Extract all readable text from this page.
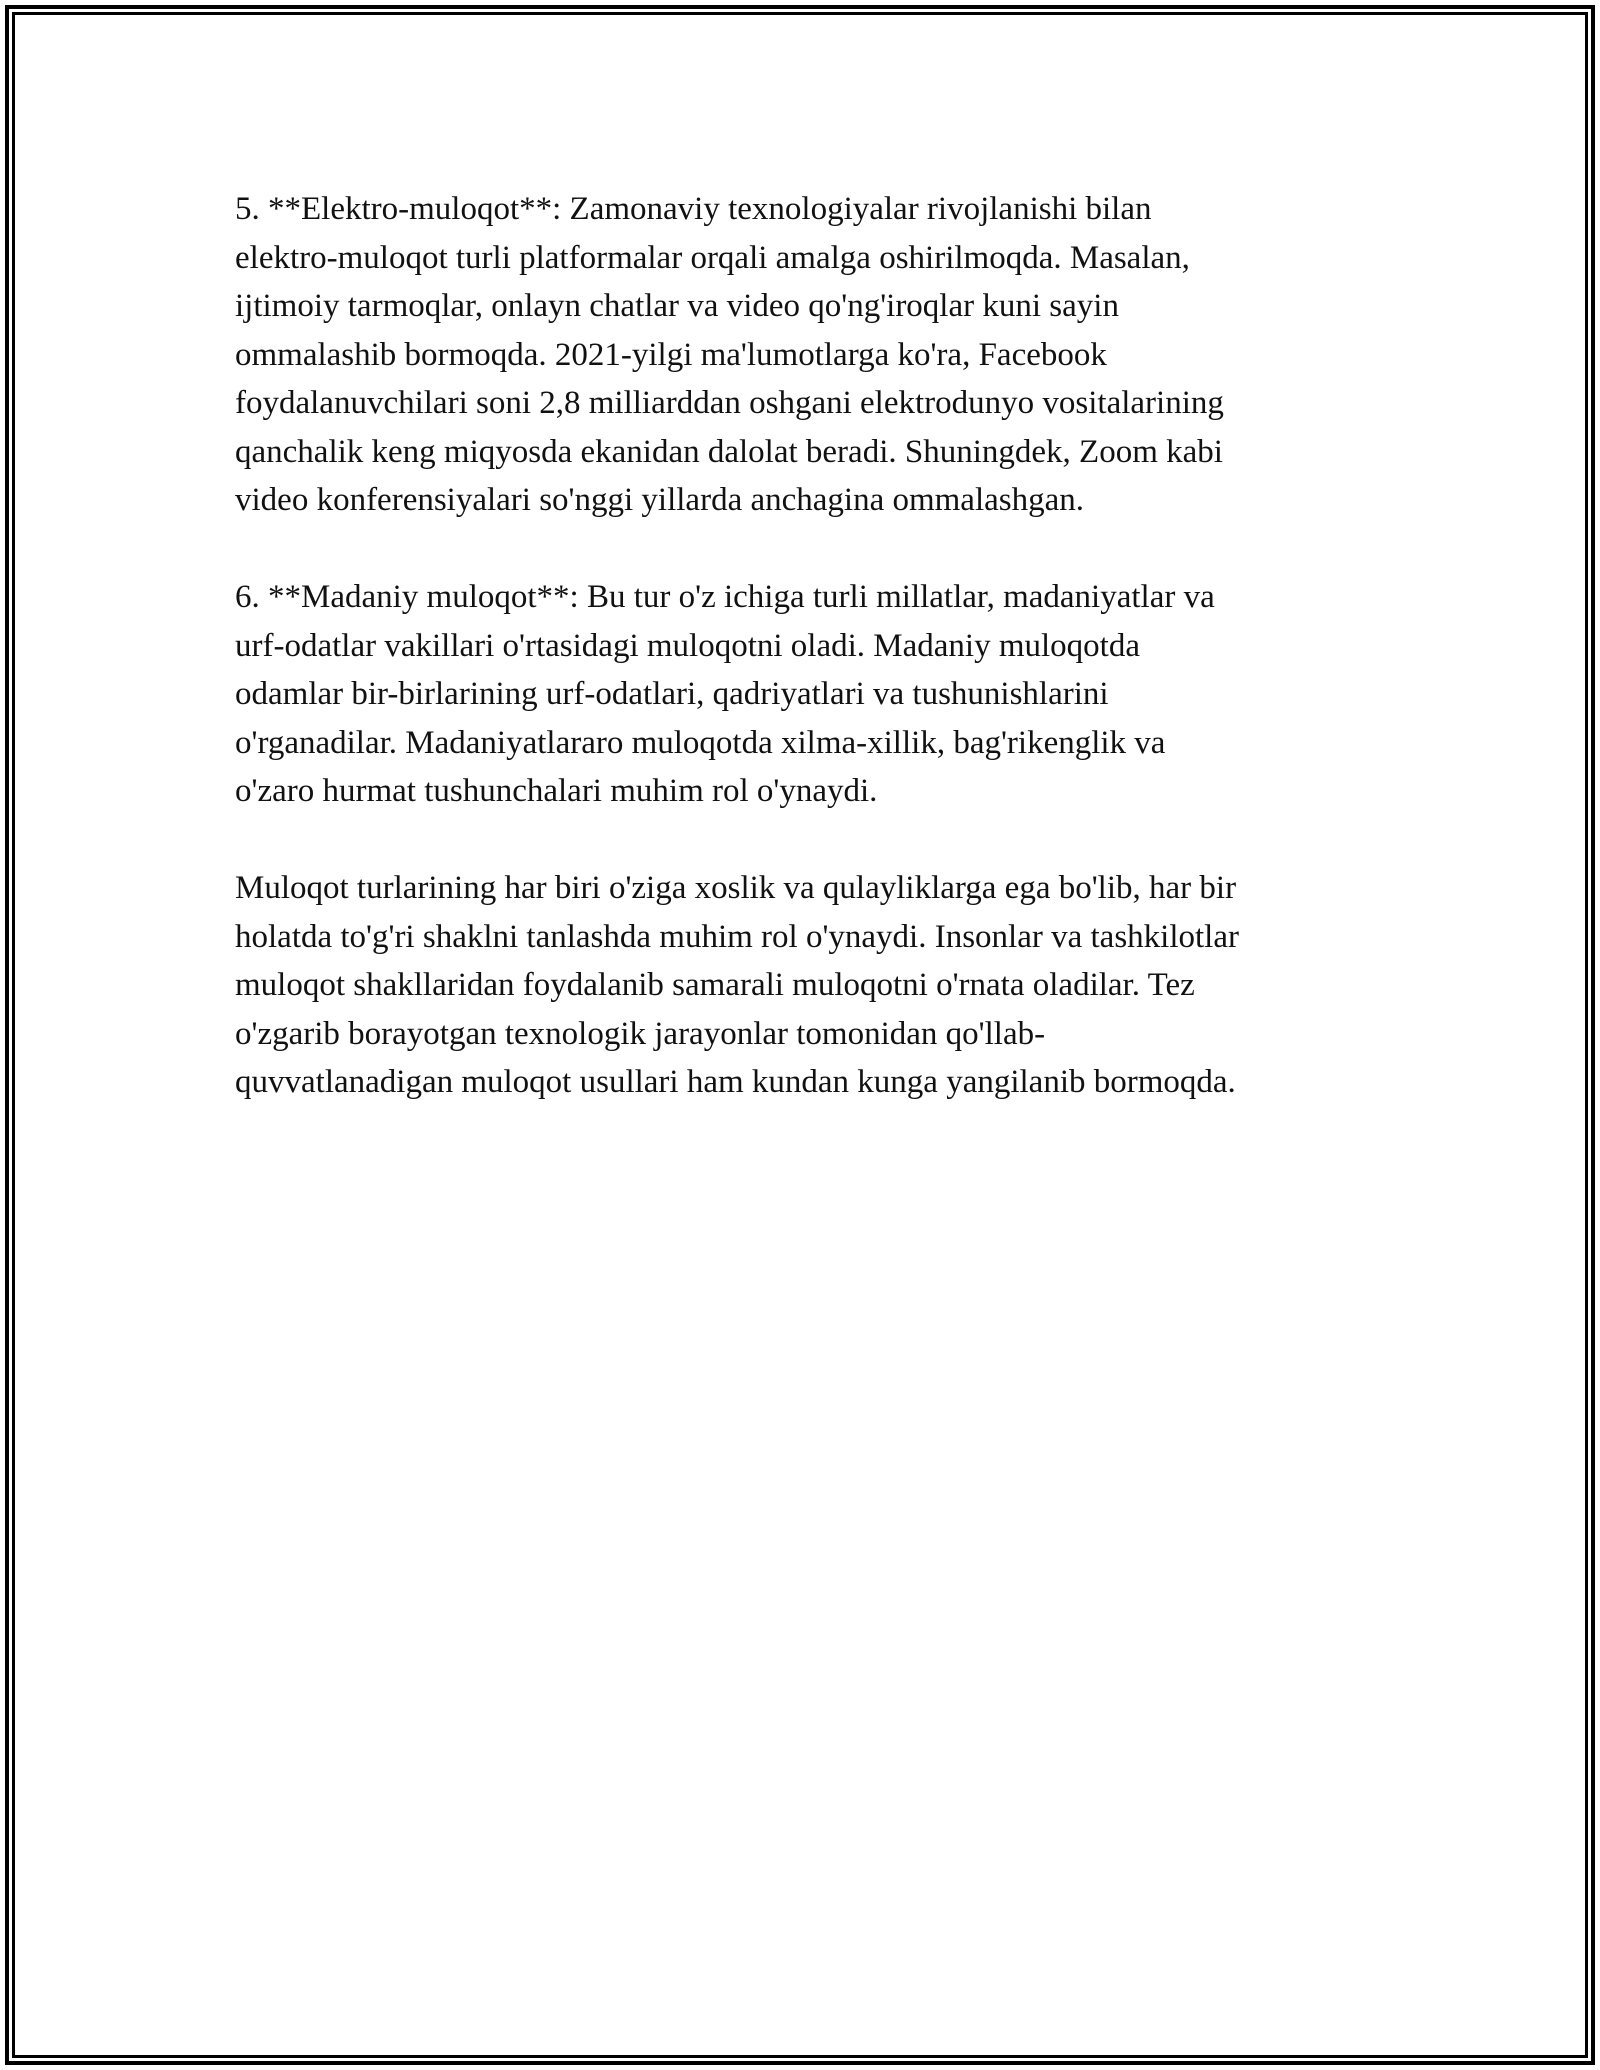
5. **Elektro-muloqot**: Zamonaviy texnologiyalar rivojlanishi bilan
elektro-muloqot turli platformalar orqali amalga oshirilmoqda. Masalan,
ijtimoiy tarmoqlar, onlayn chatlar va video qo'ng'iroqlar kuni sayin
ommalashib bormoqda. 2021-yilgi ma'lumotlarga ko'ra, Facebook
foydalanuvchilari soni 2,8 milliarddan oshgani elektrodunyo vositalarining
qanchalik keng miqyosda ekanidan dalolat beradi. Shuningdek, Zoom kabi
video konferensiyalari so'nggi yillarda anchagina ommalashgan.

6. **Madaniy muloqot**: Bu tur o'z ichiga turli millatlar, madaniyatlar va
urf-odatlar vakillari o'rtasidagi muloqotni oladi. Madaniy muloqotda
odamlar bir-birlarining urf-odatlari, qadriyatlari va tushunishlarini
o'rganadilar. Madaniyatlararo muloqotda xilma-xillik, bag'rikenglik va
o'zaro hurmat tushunchalari muhim rol o'ynaydi.

Muloqot turlarining har biri o'ziga xoslik va qulayliklarga ega bo'lib, har bir
holatda to'g'ri shaklni tanlashda muhim rol o'ynaydi. Insonlar va tashkilotlar
muloqot shakllaridan foydalanib samarali muloqotni o'rnata oladilar. Tez
o'zgarib borayotgan texnologik jarayonlar tomonidan qo'llab-
quvvatlanadigan muloqot usullari ham kundan kunga yangilanib bormoqda.
